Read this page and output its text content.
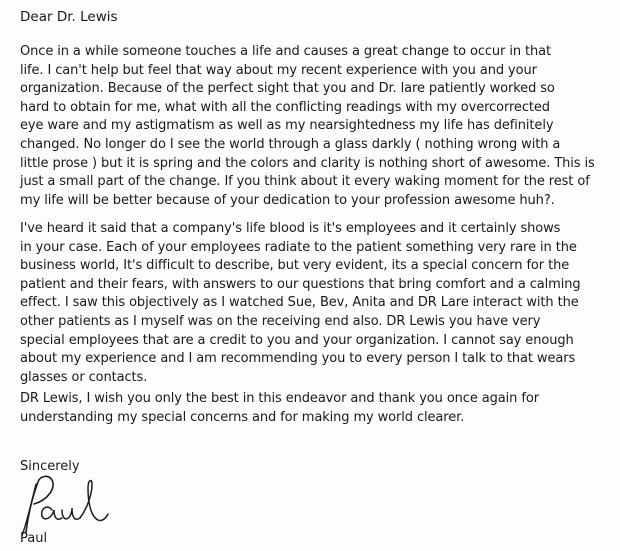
Dear Dr. Lewis
Once in a while someone touches a life and causes a great change to occur in that
life. I can't help but feel that way about my recent experience with you and your
organization. Because of the perfect sight that you and Dr. lare patiently worked so
hard to obtain for me, what with all the conflicting readings with my overcorrected
eye ware and my astigmatism as well as my nearsightedness my life has definitely
changed. No longer do I see the world through a glass darkly ( nothing wrong with a
little prose ) but it is spring and the colors and clarity is nothing short of awesome. This is
just a small part of the change. If you think about it every waking moment for the rest of
my life will be better because of your dedication to your profession awesome huh?.
I've heard it said that a company's life blood is it's employees and it certainly shows
in your case. Each of your employees radiate to the patient something very rare in the
business world, It's difficult to describe, but very evident, its a special concern for the
patient and their fears, with answers to our questions that bring comfort and a calming
effect. I saw this objectively as I watched Sue, Bev, Anita and DR Lare interact with the
other patients as I myself was on the receiving end also. DR Lewis you have very
special employees that are a credit to you and your organization. I cannot say enough
about my experience and I am recommending you to every person I talk to that wears
glasses or contacts.
DR Lewis, I wish you only the best in this endeavor and thank you once again for
understanding my special concerns and for making my world clearer.
Sincerely
Paul
